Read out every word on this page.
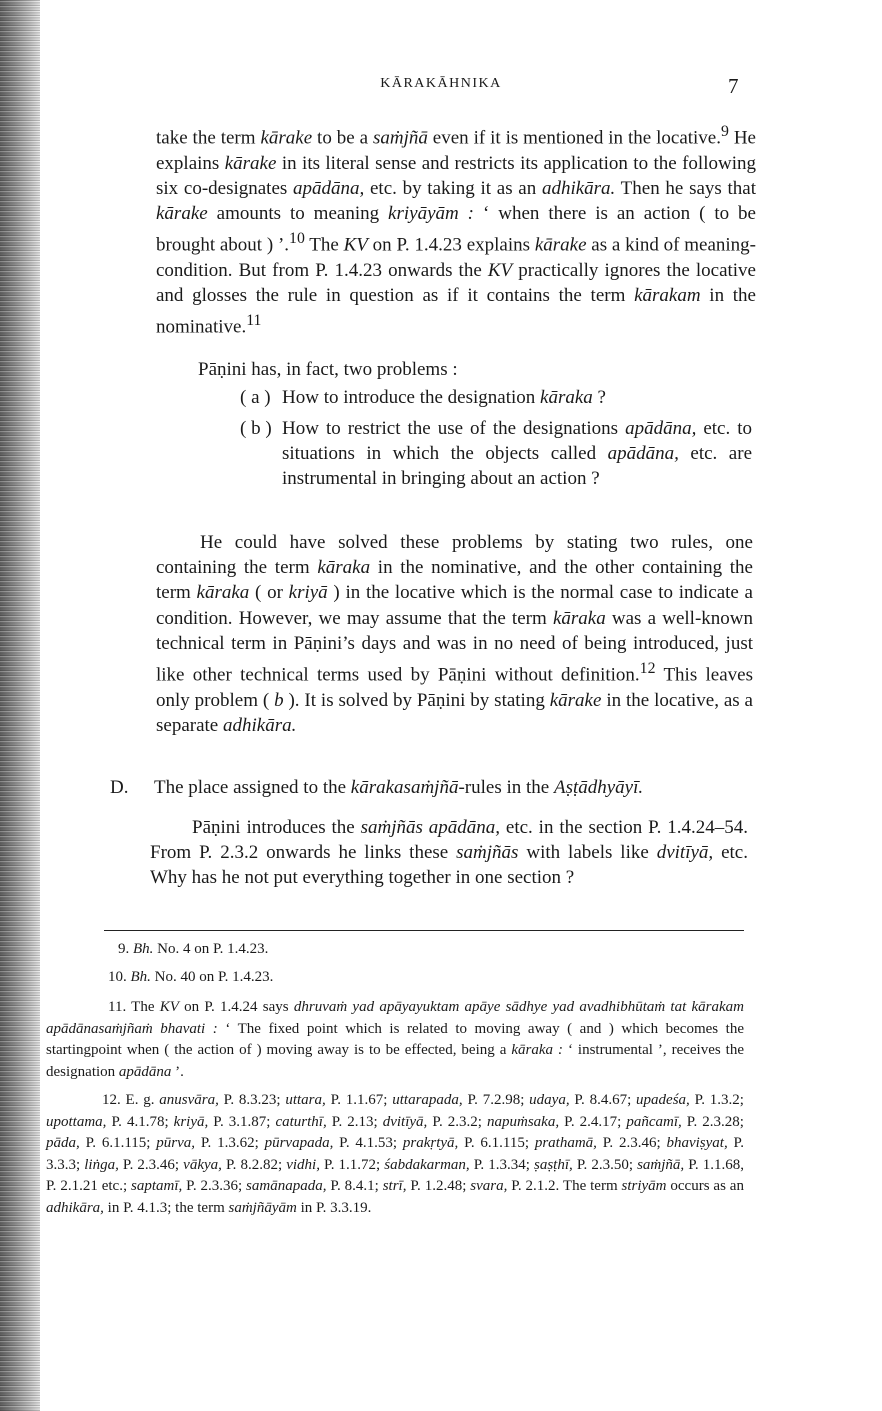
KĀRAKĀHNIKA	7

take the term kārake to be a saṁjñā even if it is mentioned in the locative.$^9$ He explains kārake in its literal sense and restricts its application to the following six co-designates apādāna, etc. by taking it as an adhikāra. Then he says that kārake amounts to meaning kriyāyām : ‘ when there is an action ( to be brought about ) ’.$^{10}$ The KV on P. 1.4.23 explains kārake as a kind of meaning-condition. But from P. 1.4.23 onwards the KV practically ignores the locative and glosses the rule in question as if it contains the term kārakam in the nominative.$^{11}$

Pāṇini has, in fact, two problems :

( a ) How to introduce the designation kāraka ?

( b ) How to restrict the use of the designations apādāna, etc. to situations in which the objects called apādāna, etc. are instrumental in bringing about an action ?

He could have solved these problems by stating two rules, one containing the term kāraka in the nominative, and the other containing the term kāraka ( or kriyā ) in the locative which is the normal case to indicate a condition. However, we may assume that the term kāraka was a well-known technical term in Pāṇini’s days and was in no need of being introduced, just like other technical terms used by Pāṇini without definition.$^{12}$ This leaves only problem ( b ). It is solved by Pāṇini by stating kārake in the locative, as a separate adhikāra.

D.	The place assigned to the kārakasaṁjñā-rules in the Aṣṭādhyāyī.

Pāṇini introduces the saṁjñās apādāna, etc. in the section P. 1.4.24–54. From P. 2.3.2 onwards he links these saṁjñās with labels like dvitīyā, etc. Why has he not put everything together in one section ?

9. Bh. No. 4 on P. 1.4.23.

10. Bh. No. 40 on P. 1.4.23.

11. The KV on P. 1.4.24 says dhruvaṁ yad apāyayuktam apāye sādhye yad avadhibhūtaṁ tat kārakam apādānasaṁjñaṁ bhavati : ‘ The fixed point which is related to moving away ( and ) which becomes the startingpoint when ( the action of ) moving away is to be effected, being a kāraka : ‘ instrumental ’, receives the designation apādāna ’.

12. E. g. anusvāra, P. 8.3.23; uttara, P. 1.1.67; uttarapada, P. 7.2.98; udaya, P. 8.4.67; upadeśa, P. 1.3.2; upottama, P. 4.1.78; kriyā, P. 3.1.87; caturthī, P. 2.13; dvitīyā, P. 2.3.2; napuṁsaka, P. 2.4.17; pañcamī, P. 2.3.28; pāda, P. 6.1.115; pūrva, P. 1.3.62; pūrvapada, P. 4.1.53; prakṛtyā, P. 6.1.115; prathamā, P. 2.3.46; bhaviṣyat, P. 3.3.3; liṅga, P. 2.3.46; vākya, P. 8.2.82; vidhi, P. 1.1.72; śabdakarman, P. 1.3.34; ṣaṣṭhī, P. 2.3.50; saṁjñā, P. 1.1.68, P. 2.1.21 etc.; saptamī, P. 2.3.36; samānapada, P. 8.4.1; strī, P. 1.2.48; svara, P. 2.1.2. The term striyām occurs as an adhikāra, in P. 4.1.3; the term saṁjñāyām in P. 3.3.19.
